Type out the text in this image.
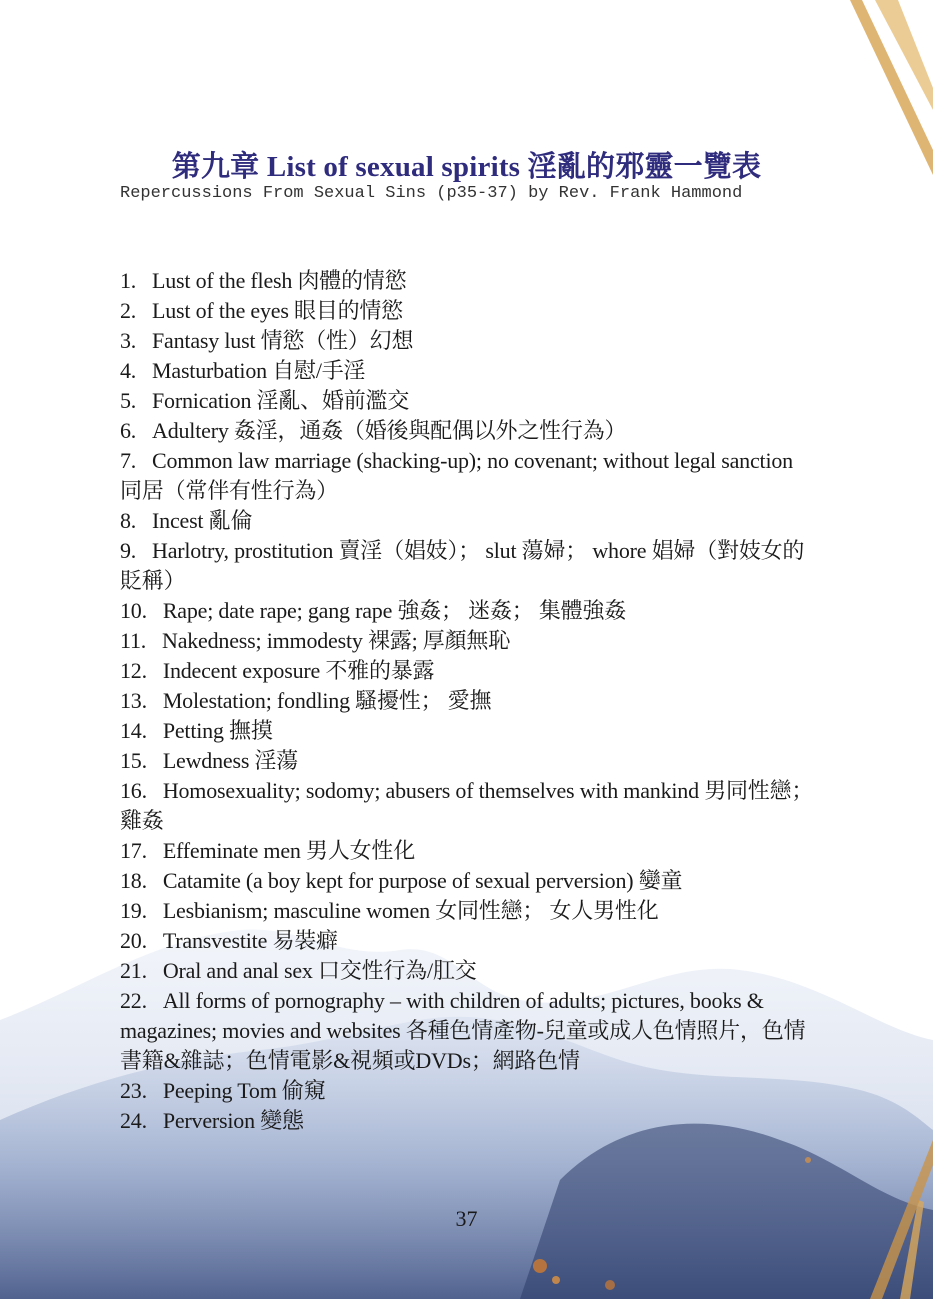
第九章 List of sexual spirits 淫亂的邪靈一覽表
Repercussions From Sexual Sins (p35-37) by Rev. Frank Hammond
1. Lust of the flesh 肉體的情慾
2. Lust of the eyes 眼目的情慾
3. Fantasy lust 情慾（性）幻想
4. Masturbation 自慰/手淫
5. Fornication 淫亂、婚前濫交
6. Adultery 姦淫，通姦（婚後與配偶以外之性行為）
7. Common law marriage (shacking-up); no covenant; without legal sanction 同居（常伴有性行為）
8. Incest 亂倫
9. Harlotry, prostitution 賣淫（娼妓）； slut 蕩婦； whore 娼婦（對妓女的貶稱）
10. Rape; date rape; gang rape 強姦； 迷姦； 集體強姦
11. Nakedness; immodesty 裸露; 厚顏無恥
12. Indecent exposure 不雅的暴露
13. Molestation; fondling 騷擾性； 愛撫
14. Petting 撫摸
15. Lewdness 淫蕩
16. Homosexuality; sodomy; abusers of themselves with mankind 男同性戀； 雞姦
17. Effeminate men 男人女性化
18. Catamite (a boy kept for purpose of sexual perversion) 孌童
19. Lesbianism; masculine women 女同性戀； 女人男性化
20. Transvestite 易裝癖
21. Oral and anal sex 口交性行為/肛交
22. All forms of pornography – with children of adults; pictures, books & magazines; movies and websites 各種色情產物-兒童或成人色情照片，色情書籍&雜誌；色情電影&視頻或DVDs；網路色情
23. Peeping Tom 偷窺
24. Perversion 變態
37
